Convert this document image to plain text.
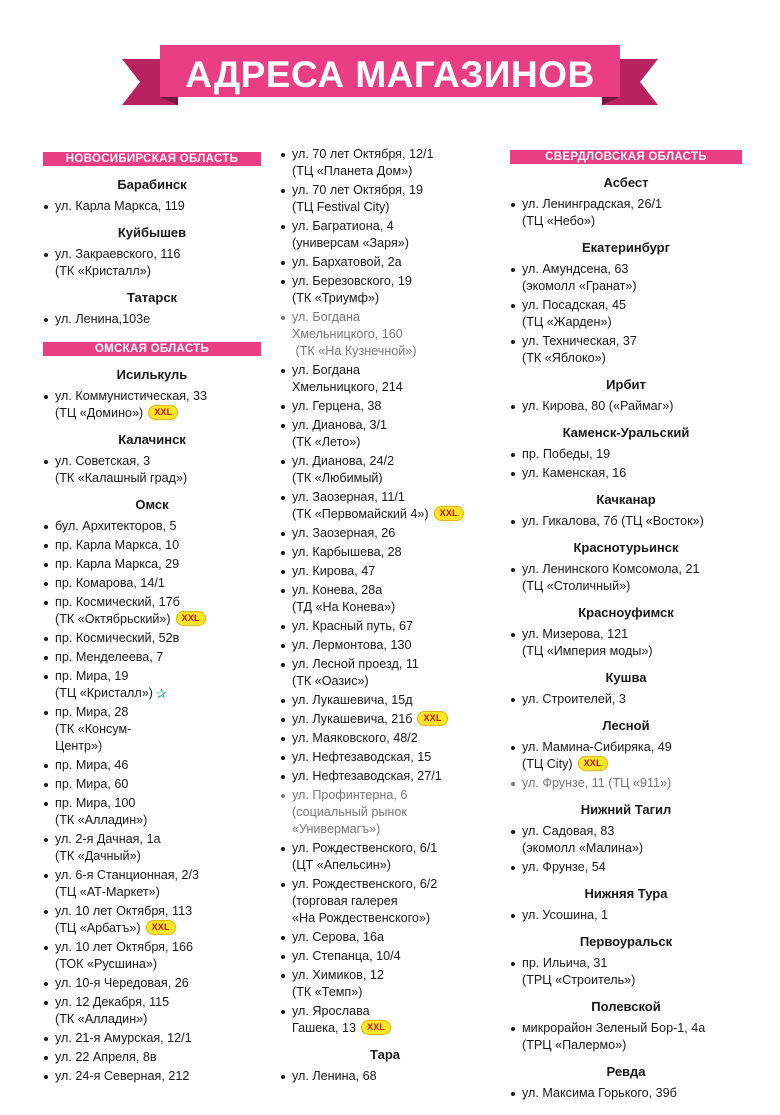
АДРЕСА МАГАЗИНОВ
НОВОСИБИРСКАЯ ОБЛАСТЬ
Барабинск
ул. Карла Маркса, 119
Куйбышев
ул. Закраевского, 116
(ТК «Кристалл»)
Татарск
ул. Ленина,103е
ОМСКАЯ ОБЛАСТЬ
Исилькуль
ул. Коммунистическая, 33
(ТЦ «Домино») XXL
Калачинск
ул. Советская, 3
(ТК «Калашный град»)
Омск
бул. Архитекторов, 5
пр. Карла Маркса, 10
пр. Карла Маркса, 29
пр. Комарова, 14/1
пр. Космический, 17б
(ТК «Октябрьский») XXL
пр. Космический, 52в
пр. Менделеева, 7
пр. Мира, 19
(ТЦ «Кристалл») ✰
пр. Мира, 28
(ТК «Консум-
Центр»)
пр. Мира, 46
пр. Мира, 60
пр. Мира, 100
(ТК «Алладин»)
ул. 2-я Дачная, 1а
(ТК «Дачный»)
ул. 6-я Станционная, 2/3
(ТЦ «АТ-Маркет»)
ул. 10 лет Октября, 113
(ТЦ «Арбатъ») XXL
ул. 10 лет Октября, 166
(ТОК «Русшина»)
ул. 10-я Чередовая, 26
ул. 12 Декабря, 115
(ТК «Алладин»)
ул. 21-я Амурская, 12/1
ул. 22 Апреля, 8в
ул. 24-я Северная, 212
ул. 70 лет Октября, 12/1
(ТЦ «Планета Дом»)
ул. 70 лет Октября, 19
(ТЦ Festival City)
ул. Багратиона, 4
(универсам «Заря»)
ул. Бархатовой, 2а
ул. Березовского, 19
(ТК «Триумф»)
ул. Богдана
Хмельницкого, 160
(ТК «На Кузнечной»)
ул. Богдана
Хмельницкого, 214
ул. Герцена, 38
ул. Дианова, 3/1
(ТК «Лето»)
ул. Дианова, 24/2
(ТК «Любимый)
ул. Заозерная, 11/1
(ТК «Первомайский 4») XXL
ул. Заозерная, 26
ул. Карбышева, 28
ул. Кирова, 47
ул. Конева, 28а
(ТД «На Конева»)
ул. Красный путь, 67
ул. Лермонтова, 130
ул. Лесной проезд, 11
(ТК «Оазис»)
ул. Лукашевича, 15д
ул. Лукашевича, 21б XXL
ул. Маяковского, 48/2
ул. Нефтезаводская, 15
ул. Нефтезаводская, 27/1
ул. Профинтерна, 6
(социальный рынок
«Универмагъ»)
ул. Рождественского, 6/1
(ЦТ «Апельсин»)
ул. Рождественского, 6/2
(торговая галерея
«На Рождественского»)
ул. Серова, 16а
ул. Степанца, 10/4
ул. Химиков, 12
(ТК «Темп»)
ул. Ярослава
Гашека, 13 XXL
Тара
ул. Ленина, 68
СВЕРДЛОВСКАЯ ОБЛАСТЬ
Асбест
ул. Ленинградская, 26/1
(ТЦ «Небо»)
Екатеринбург
ул. Амундсена, 63
(экомолл «Гранат»)
ул. Посадская, 45
(ТЦ «Жарден»)
ул. Техническая, 37
(ТК «Яблоко»)
Ирбит
ул. Кирова, 80 («Раймаг»)
Каменск-Уральский
пр. Победы, 19
ул. Каменская, 16
Качканар
ул. Гикалова, 7б (ТЦ «Восток»)
Краснотурьинск
ул. Ленинского Комсомола, 21
(ТЦ «Столичный»)
Красноуфимск
ул. Мизерова, 121
(ТЦ «Империя моды»)
Кушва
ул. Строителей, 3
Лесной
ул. Мамина-Сибиряка, 49
(ТЦ City) XXL
ул. Фрунзе, 11 (ТЦ «911»)
Нижний Тагил
ул. Садовая, 83
(экомолл «Малина»)
ул. Фрунзе, 54
Нижняя Тура
ул. Усошина, 1
Первоуральск
пр. Ильича, 31
(ТРЦ «Строитель»)
Полевской
микрорайон Зеленый Бор-1, 4а
(ТРЦ «Палермо»)
Ревда
ул. Максима Горького, 39б
